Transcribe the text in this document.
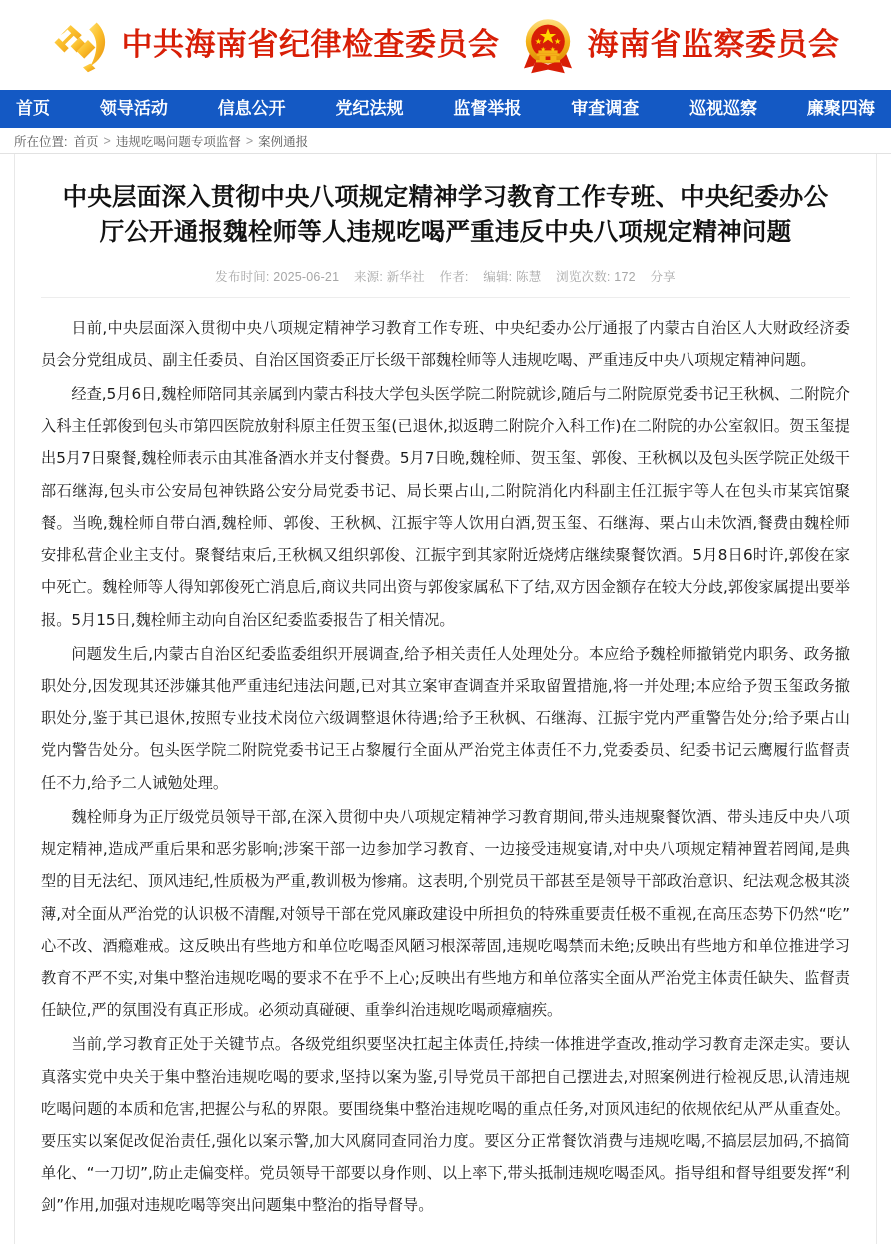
中共海南省纪律检查委员会	海南省监察委员会
首页	领导活动	信息公开	党纪法规	监督举报	审查调查	巡视巡察	廉聚四海
所在位置: 首页 > 违规吃喝问题专项监督 > 案例通报
中央层面深入贯彻中央八项规定精神学习教育工作专班、中央纪委办公厅公开通报魏栓师等人违规吃喝严重违反中央八项规定精神问题
发布时间: 2025-06-21 来源: 新华社 作者: 编辑: 陈慧 浏览次数: 172 分享

日前,中央层面深入贯彻中央八项规定精神学习教育工作专班、中央纪委办公厅通报了内蒙古自治区人大财政经济委员会分党组成员、副主任委员、自治区国资委正厅长级干部魏栓师等人违规吃喝、严重违反中央八项规定精神问题。

经查,5月6日,魏栓师陪同其亲属到内蒙古科技大学包头医学院二附院就诊,随后与二附院原党委书记王秋枫、二附院介入科主任郭俊到包头市第四医院放射科原主任贺玉玺(已退休,拟返聘二附院介入科工作)在二附院的办公室叙旧。贺玉玺提出5月7日聚餐,魏栓师表示由其准备酒水并支付餐费。5月7日晚,魏栓师、贺玉玺、郭俊、王秋枫以及包头医学院正处级干部石继海,包头市公安局包神铁路公安分局党委书记、局长栗占山,二附院消化内科副主任江振宇等人在包头市某宾馆聚餐。当晚,魏栓师自带白酒,魏栓师、郭俊、王秋枫、江振宇等人饮用白酒,贺玉玺、石继海、栗占山未饮酒,餐费由魏栓师安排私营企业主支付。聚餐结束后,王秋枫又组织郭俊、江振宇到其家附近烧烤店继续聚餐饮酒。5月8日6时许,郭俊在家中死亡。魏栓师等人得知郭俊死亡消息后,商议共同出资与郭俊家属私下了结,双方因金额存在较大分歧,郭俊家属提出要举报。5月15日,魏栓师主动向自治区纪委监委报告了相关情况。

问题发生后,内蒙古自治区纪委监委组织开展调查,给予相关责任人处理处分。本应给予魏栓师撤销党内职务、政务撤职处分,因发现其还涉嫌其他严重违纪违法问题,已对其立案审查调查并采取留置措施,将一并处理;本应给予贺玉玺政务撤职处分,鉴于其已退休,按照专业技术岗位六级调整退休待遇;给予王秋枫、石继海、江振宇党内严重警告处分;给予栗占山党内警告处分。包头医学院二附院党委书记王占黎履行全面从严治党主体责任不力,党委委员、纪委书记云鹰履行监督责任不力,给予二人诫勉处理。

魏栓师身为正厅级党员领导干部,在深入贯彻中央八项规定精神学习教育期间,带头违规聚餐饮酒、带头违反中央八项规定精神,造成严重后果和恶劣影响;涉案干部一边参加学习教育、一边接受违规宴请,对中央八项规定精神置若罔闻,是典型的目无法纪、顶风违纪,性质极为严重,教训极为惨痛。这表明,个别党员干部甚至是领导干部政治意识、纪法观念极其淡薄,对全面从严治党的认识极不清醒,对领导干部在党风廉政建设中所担负的特殊重要责任极不重视,在高压态势下仍然“吃”心不改、酒瘾难戒。这反映出有些地方和单位吃喝歪风陋习根深蒂固,违规吃喝禁而未绝;反映出有些地方和单位推进学习教育不严不实,对集中整治违规吃喝的要求不在乎不上心;反映出有些地方和单位落实全面从严治党主体责任缺失、监督责任缺位,严的氛围没有真正形成。必须动真碰硬、重拳纠治违规吃喝顽瘴痼疾。

当前,学习教育正处于关键节点。各级党组织要坚决扛起主体责任,持续一体推进学查改,推动学习教育走深走实。要认真落实党中央关于集中整治违规吃喝的要求,坚持以案为鉴,引导党员干部把自己摆进去,对照案例进行检视反思,认清违规吃喝问题的本质和危害,把握公与私的界限。要围绕集中整治违规吃喝的重点任务,对顶风违纪的依规依纪从严从重查处。要压实以案促改促治责任,强化以案示警,加大风腐同查同治力度。要区分正常餐饮消费与违规吃喝,不搞层层加码,不搞简单化、“一刀切”,防止走偏变样。党员领导干部要以身作则、以上率下,带头抵制违规吃喝歪风。指导组和督导组要发挥“利剑”作用,加强对违规吃喝等突出问题集中整治的指导督导。
